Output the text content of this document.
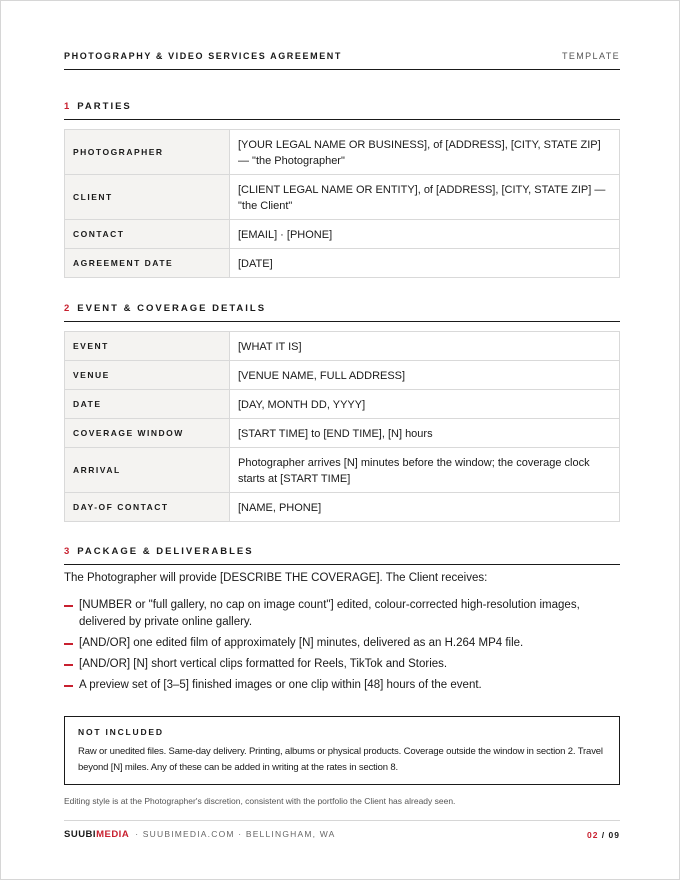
PHOTOGRAPHY & VIDEO SERVICES AGREEMENT	TEMPLATE
1 PARTIES
PHOTOGRAPHER	[YOUR LEGAL NAME OR BUSINESS], of [ADDRESS], [CITY, STATE ZIP] — "the Photographer"
CLIENT	[CLIENT LEGAL NAME OR ENTITY], of [ADDRESS], [CITY, STATE ZIP] — "the Client"
CONTACT	[EMAIL] · [PHONE]
AGREEMENT DATE	[DATE]
2 EVENT & COVERAGE DETAILS
EVENT	[WHAT IT IS]
VENUE	[VENUE NAME, FULL ADDRESS]
DATE	[DAY, MONTH DD, YYYY]
COVERAGE WINDOW	[START TIME] to [END TIME], [N] hours
ARRIVAL	Photographer arrives [N] minutes before the window; the coverage clock starts at [START TIME]
DAY-OF CONTACT	[NAME, PHONE]
3 PACKAGE & DELIVERABLES
The Photographer will provide [DESCRIBE THE COVERAGE]. The Client receives:
[NUMBER or "full gallery, no cap on image count"] edited, colour-corrected high-resolution images, delivered by private online gallery.
[AND/OR] one edited film of approximately [N] minutes, delivered as an H.264 MP4 file.
[AND/OR] [N] short vertical clips formatted for Reels, TikTok and Stories.
A preview set of [3–5] finished images or one clip within [48] hours of the event.
NOT INCLUDED
Raw or unedited files. Same-day delivery. Printing, albums or physical products. Coverage outside the window in section 2. Travel beyond [N] miles. Any of these can be added in writing at the rates in section 8.
Editing style is at the Photographer's discretion, consistent with the portfolio the Client has already seen.
SUUBIMEDIA · SUUBIMEDIA.COM · BELLINGHAM, WA	02 / 09
